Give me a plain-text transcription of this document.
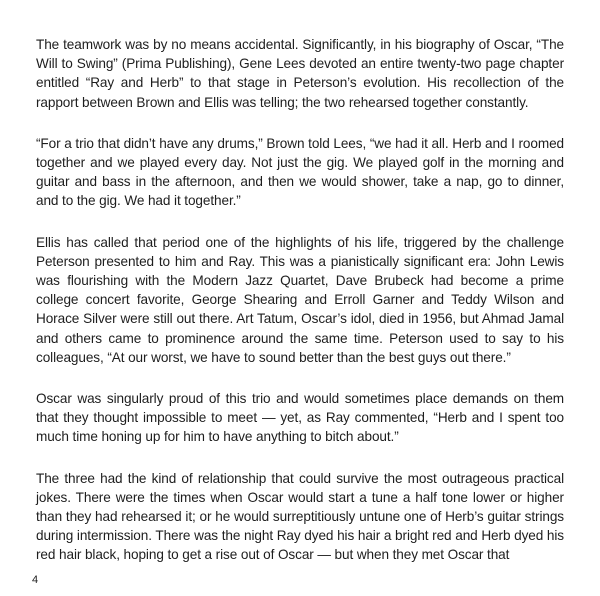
The teamwork was by no means accidental. Significantly, in his biography of Oscar, “The Will to Swing” (Prima Publishing), Gene Lees devoted an entire twenty-two page chapter entitled “Ray and Herb” to that stage in Peterson’s evolution. His recollection of the rapport between Brown and Ellis was telling; the two rehearsed together constantly.

“For a trio that didn’t have any drums,” Brown told Lees, “we had it all. Herb and I roomed together and we played every day. Not just the gig. We played golf in the morning and guitar and bass in the afternoon, and then we would shower, take a nap, go to dinner, and to the gig. We had it together.”

Ellis has called that period one of the highlights of his life, triggered by the challenge Peterson presented to him and Ray. This was a pianistically significant era: John Lewis was flourishing with the Modern Jazz Quartet, Dave Brubeck had become a prime college concert favorite, George Shearing and Erroll Garner and Teddy Wilson and Horace Silver were still out there. Art Tatum, Oscar’s idol, died in 1956, but Ahmad Jamal and others came to prominence around the same time. Peterson used to say to his colleagues, “At our worst, we have to sound better than the best guys out there.”

Oscar was singularly proud of this trio and would sometimes place demands on them that they thought impossible to meet — yet, as Ray commented, “Herb and I spent too much time honing up for him to have anything to bitch about.”

The three had the kind of relationship that could survive the most outrageous practical jokes. There were the times when Oscar would start a tune a half tone lower or higher than they had rehearsed it; or he would surreptitiously untune one of Herb’s guitar strings during intermission. There was the night Ray dyed his hair a bright red and Herb dyed his red hair black, hoping to get a rise out of Oscar — but when they met Oscar that

4
